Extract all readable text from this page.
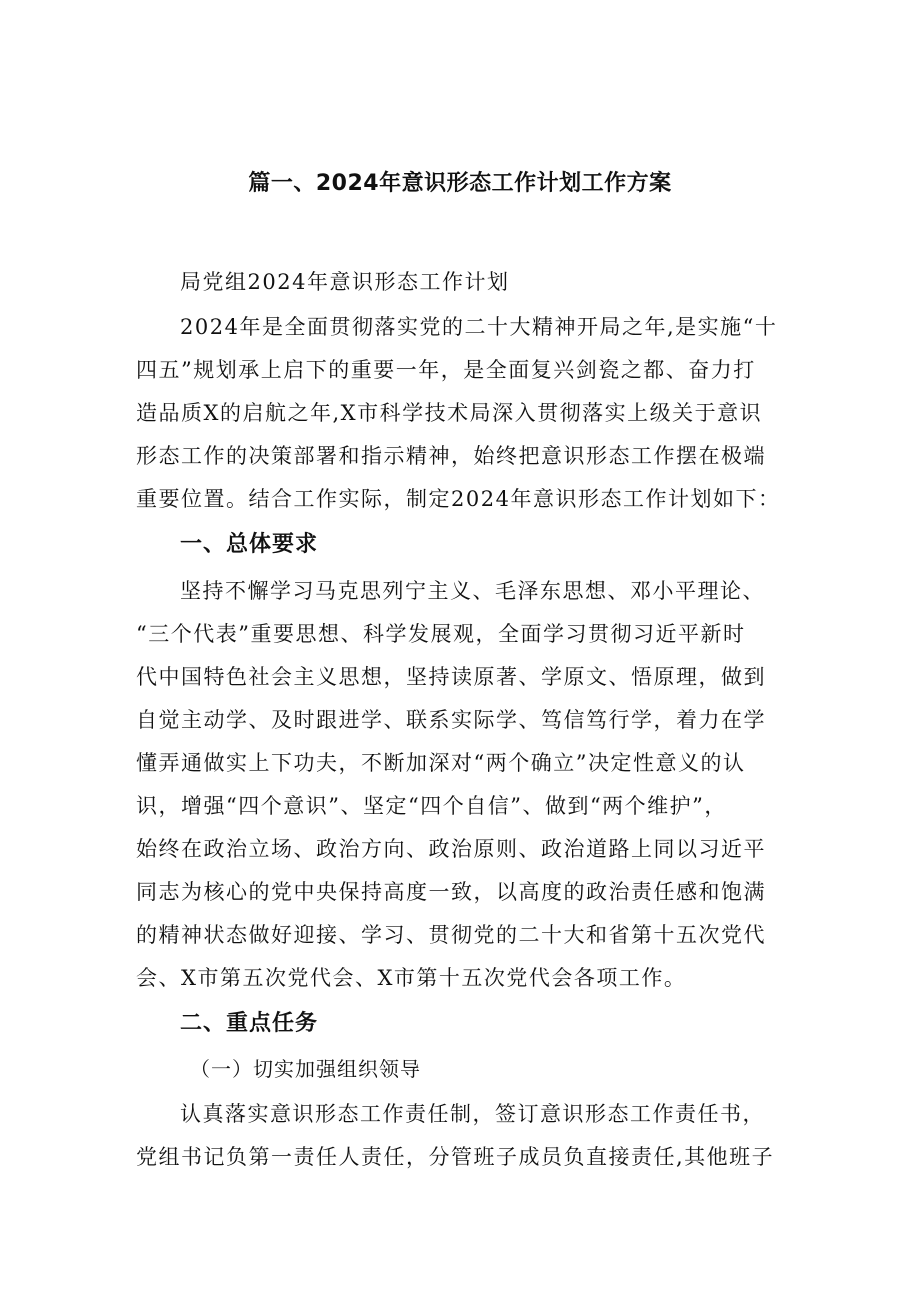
篇一、2024年意识形态工作计划工作方案
局党组2024年意识形态工作计划
2024年是全面贯彻落实党的二十大精神开局之年,是实施“十
四五”规划承上启下的重要一年，是全面复兴剑瓷之都、奋力打
造品质X的启航之年,X市科学技术局深入贯彻落实上级关于意识
形态工作的决策部署和指示精神，始终把意识形态工作摆在极端
重要位置。结合工作实际，制定2024年意识形态工作计划如下：
一、总体要求
坚持不懈学习马克思列宁主义、毛泽东思想、邓小平理论、
“三个代表”重要思想、科学发展观，全面学习贯彻习近平新时
代中国特色社会主义思想，坚持读原著、学原文、悟原理，做到
自觉主动学、及时跟进学、联系实际学、笃信笃行学，着力在学
懂弄通做实上下功夫，不断加深对“两个确立”决定性意义的认
识，增强“四个意识”、坚定“四个自信”、做到“两个维护”，
始终在政治立场、政治方向、政治原则、政治道路上同以习近平
同志为核心的党中央保持高度一致，以高度的政治责任感和饱满
的精神状态做好迎接、学习、贯彻党的二十大和省第十五次党代
会、X市第五次党代会、X市第十五次党代会各项工作。
二、重点任务
（一）切实加强组织领导
认真落实意识形态工作责任制，签订意识形态工作责任书，
党组书记负第一责任人责任，分管班子成员负直接责任,其他班子
